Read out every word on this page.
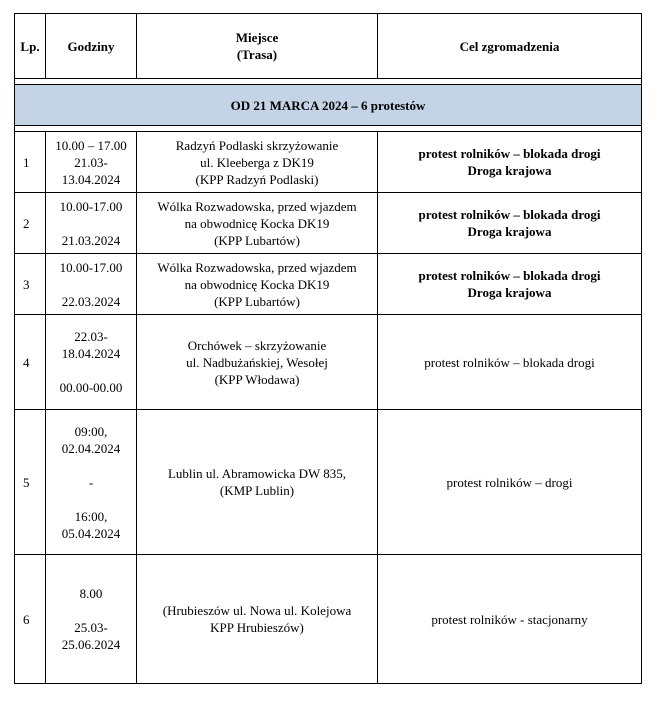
Lp.	Godziny	Miejsce
(Trasa)	Cel zgromadzenia

OD 21 MARCA 2024 – 6 protestów			

1	10.00 – 17.00
21.03-
13.04.2024	Radzyń Podlaski skrzyżowanie
ul. Kleeberga z DK19
(KPP Radzyń Podlaski)	protest rolników – blokada drogi
Droga krajowa

2	10.00-17.00
21.03.2024	Wólka Rozwadowska, przed wjazdem
na obwodnicę Kocka DK19
(KPP Lubartów)	protest rolników – blokada drogi
Droga krajowa

3	10.00-17.00
22.03.2024	Wólka Rozwadowska, przed wjazdem
na obwodnicę Kocka DK19
(KPP Lubartów)	protest rolników – blokada drogi
Droga krajowa

4	22.03-
18.04.2024
00.00-00.00	Orchówek – skrzyżowanie
ul. Nadbużańskiej, Wesołej
(KPP Włodawa)	protest rolników – blokada drogi

5	09:00,
02.04.2024
-
16:00,
05.04.2024	Lublin ul. Abramowicka DW 835,
(KMP Lublin)	protest rolników – drogi

6	8.00
25.03-
25.06.2024	(Hrubieszów ul. Nowa ul. Kolejowa
KPP Hrubieszów)	protest rolników - stacjonarny
